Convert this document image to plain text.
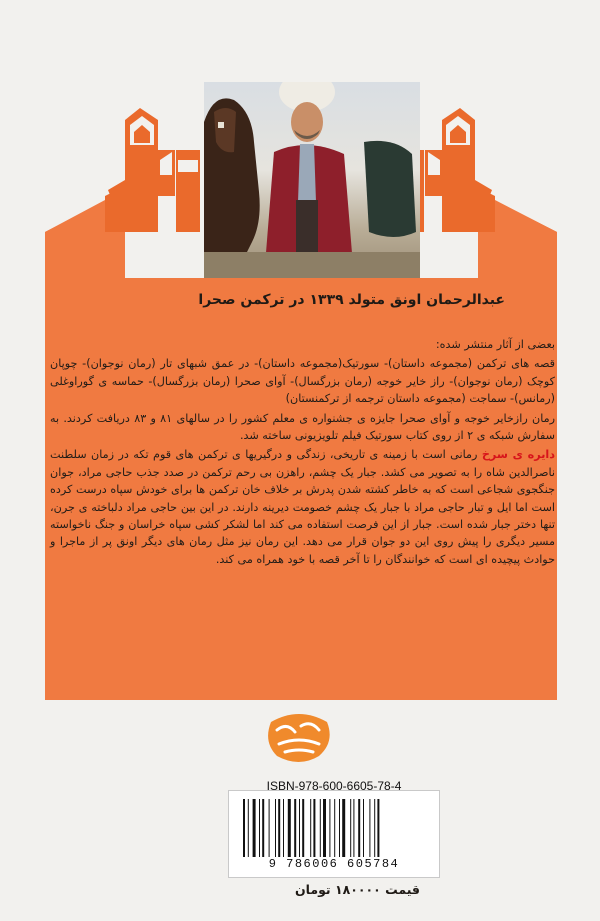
عبدالرحمان اونق متولد ۱۳۳۹ در ترکمن صحرا

بعضی از آثار منتشر شده:

قصه های ترکمن (مجموعه داستان)- سورتیک(مجموعه داستان)- در عمق شبهای تار (رمان نوجوان)- چوپان کوچک (رمان نوجوان)- راز خایر خوجه (رمان بزرگسال)- آوای صحرا (رمان بزرگسال)- حماسه ی گوراوغلی (رمانس)- سماجت (مجموعه داستان ترجمه از ترکمنستان)

رمان رازخایر خوجه و آوای صحرا جایزه ی جشنواره ی معلم کشور را در سالهای ۸۱ و ۸۳ دریافت کردند. به سفارش شبکه ی ۲ از روی کتاب سورتیک فیلم تلویزیونی ساخته شد.

دایره ی سرخ رمانی است با زمینه ی تاریخی، زندگی و درگیریها ی ترکمن های قوم تکه در زمان سلطنت ناصرالدین شاه را به تصویر می کشد. جبار یک چشم، راهزن بی رحم ترکمن در صدد جذب حاجی مراد، جوان جنگجوی شجاعی است که به خاطر کشته شدن پدرش بر خلاف خان ترکمن ها برای خودش سپاه درست کرده است اما ایل و تبار حاجی مراد با جبار یک چشم خصومت دیرینه دارند. در این بین حاجی مراد دلباخته ی جرن، تنها دختر جبار شده است. جبار از این فرصت استفاده می کند اما لشکر کشی سپاه خراسان و جنگ ناخواسته مسیر دیگری را پیش روی این دو جوان قرار می دهد. این رمان نیز مثل رمان های دیگر اونق پر از ماجرا و حوادث پیچیده ای است که خوانندگان را تا آخر قصه با خود همراه می کند.

ISBN-978-600-6605-78-4
9 786006 605784
قیمت ۱۸۰۰۰۰ تومان
